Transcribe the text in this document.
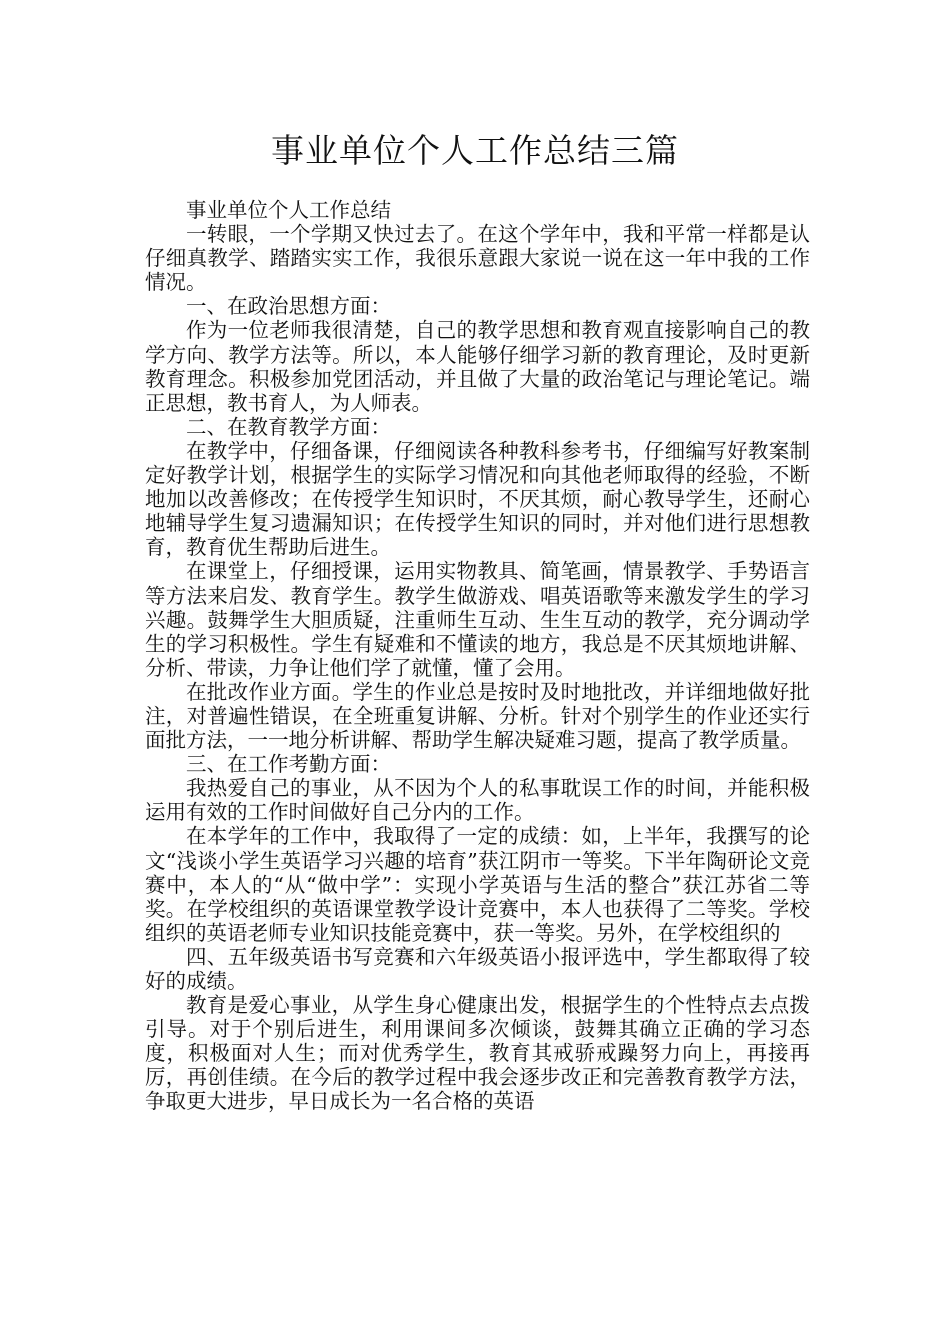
事业单位个人工作总结三篇

事业单位个人工作总结

一转眼，一个学期又快过去了。在这个学年中，我和平常一样都是认仔细真教学、踏踏实实工作，我很乐意跟大家说一说在这一年中我的工作情况。

一、在政治思想方面：

作为一位老师我很清楚，自己的教学思想和教育观直接影响自己的教学方向、教学方法等。所以，本人能够仔细学习新的教育理论，及时更新教育理念。积极参加党团活动，并且做了大量的政治笔记与理论笔记。端正思想，教书育人，为人师表。

二、在教育教学方面：

在教学中，仔细备课，仔细阅读各种教科参考书，仔细编写好教案制定好教学计划，根据学生的实际学习情况和向其他老师取得的经验，不断地加以改善修改；在传授学生知识时，不厌其烦，耐心教导学生，还耐心地辅导学生复习遗漏知识；在传授学生知识的同时，并对他们进行思想教育，教育优生帮助后进生。

在课堂上，仔细授课，运用实物教具、简笔画，情景教学、手势语言等方法来启发、教育学生。教学生做游戏、唱英语歌等来激发学生的学习兴趣。鼓舞学生大胆质疑，注重师生互动、生生互动的教学，充分调动学生的学习积极性。学生有疑难和不懂读的地方，我总是不厌其烦地讲解、分析、带读，力争让他们学了就懂，懂了会用。

在批改作业方面。学生的作业总是按时及时地批改，并详细地做好批注，对普遍性错误，在全班重复讲解、分析。针对个别学生的作业还实行面批方法，一一地分析讲解、帮助学生解决疑难习题，提高了教学质量。

三、在工作考勤方面：

我热爱自己的事业，从不因为个人的私事耽误工作的时间，并能积极运用有效的工作时间做好自己分内的工作。

在本学年的工作中，我取得了一定的成绩：如，上半年，我撰写的论文“浅谈小学生英语学习兴趣的培育”获江阴市一等奖。下半年陶研论文竞赛中，本人的“从“做中学”：实现小学英语与生活的整合”获江苏省二等奖。在学校组织的英语课堂教学设计竞赛中，本人也获得了二等奖。学校组织的英语老师专业知识技能竞赛中，获一等奖。另外，在学校组织的

四、五年级英语书写竞赛和六年级英语小报评选中，学生都取得了较好的成绩。

教育是爱心事业，从学生身心健康出发，根据学生的个性特点去点拨引导。对于个别后进生，利用课间多次倾谈，鼓舞其确立正确的学习态度，积极面对人生；而对优秀学生，教育其戒骄戒躁努力向上，再接再厉，再创佳绩。在今后的教学过程中我会逐步改正和完善教育教学方法，争取更大进步，早日成长为一名合格的英语
